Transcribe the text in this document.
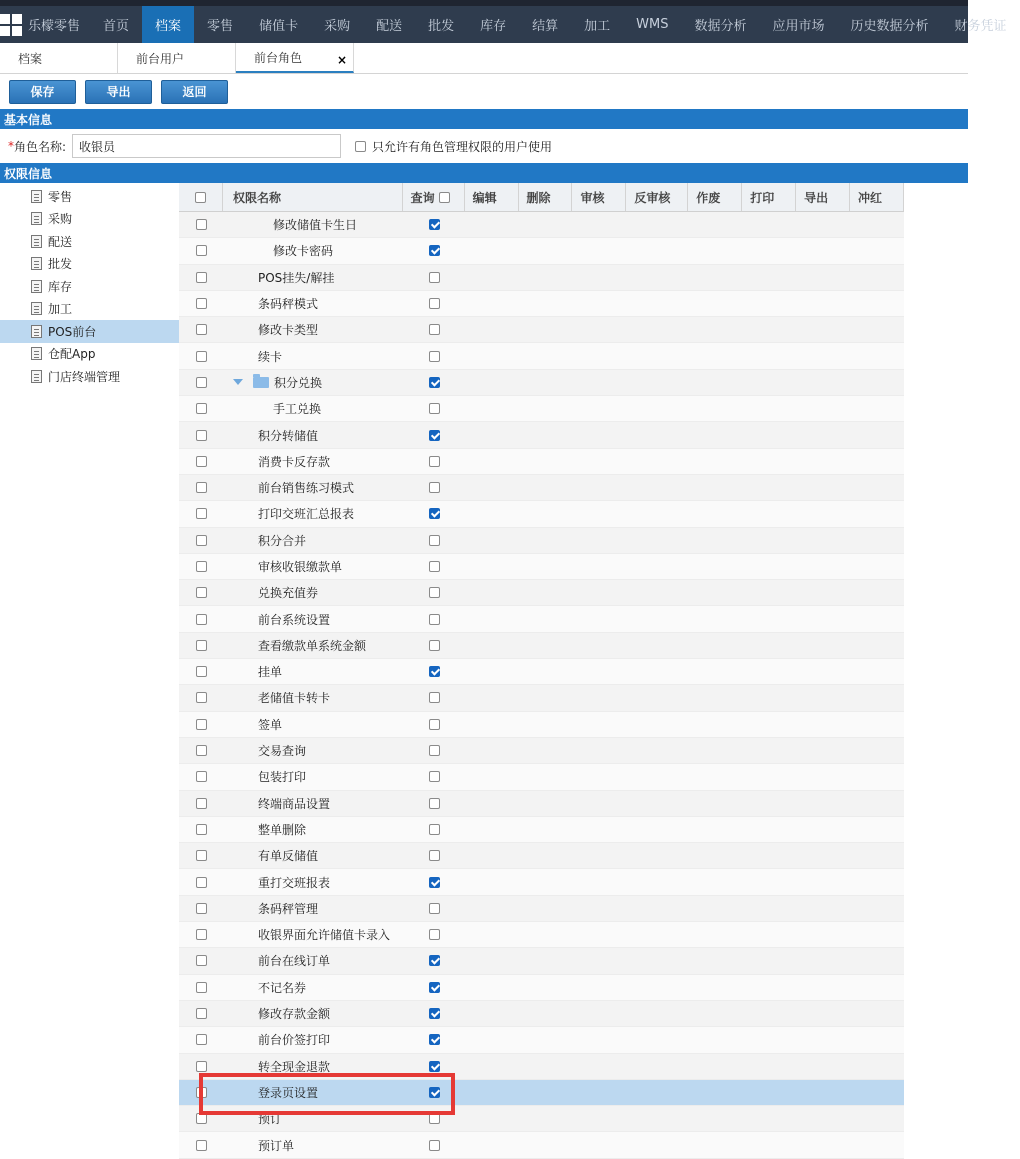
乐檬零售	首页	档案	零售	储值卡	采购	配送	批发	库存	结算	加工	WMS	数据分析	应用市场	历史数据分析	财务凭证
档案	前台用户	前台角色	×
保存	导出	返回
基本信息
* 角色名称:	收银员	只允许有角色管理权限的用户使用
权限信息
零售
采购
配送
批发
库存
加工
POS前台
仓配App
门店终端管理
权限名称	查询	编辑	删除	审核	反审核	作废	打印	导出	冲红
修改储值卡生日
修改卡密码
POS挂失/解挂
条码秤模式
修改卡类型
续卡
积分兑换
手工兑换
积分转储值
消费卡反存款
前台销售练习模式
打印交班汇总报表
积分合并
审核收银缴款单
兑换充值券
前台系统设置
查看缴款单系统金额
挂单
老储值卡转卡
签单
交易查询
包装打印
终端商品设置
整单删除
有单反储值
重打交班报表
条码秤管理
收银界面允许储值卡录入
前台在线订单
不记名券
修改存款金额
前台价签打印
转全现金退款
登录页设置
预订
预订单
